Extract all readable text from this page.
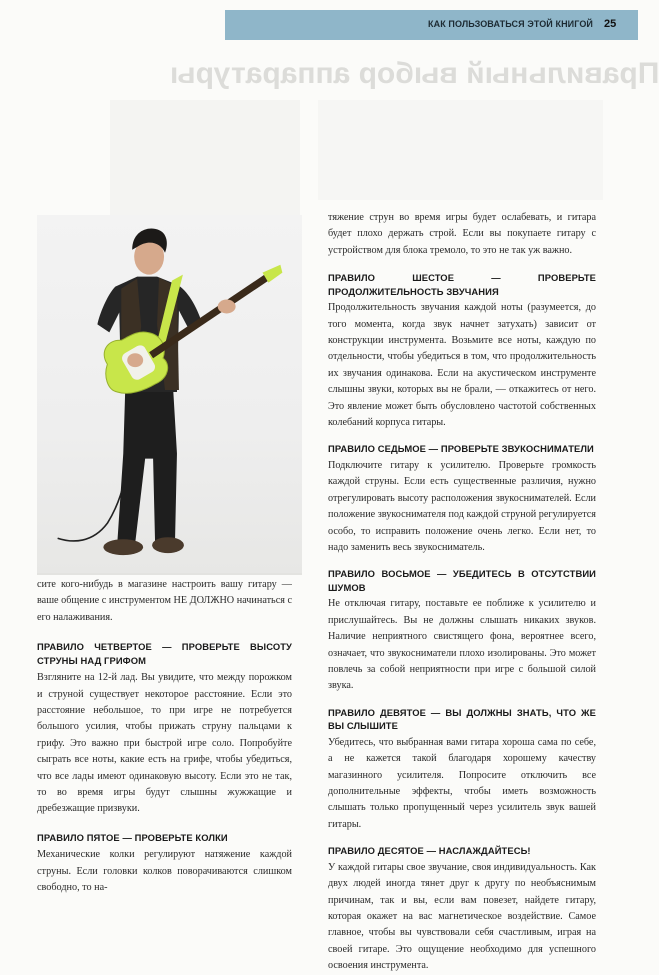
КАК ПОЛЬЗОВАТЬСЯ ЭТОЙ КНИГОЙ 25
Правильный выбор аппаратуры
сите кого-нибудь в магазине настроить вашу гитару — ваше общение с инструментом НЕ ДОЛЖНО начинаться с его налаживания.
ПРАВИЛО ЧЕТВЕРТОЕ — ПРОВЕРЬТЕ ВЫСОТУ СТРУНЫ НАД ГРИФОМ
Взгляните на 12-й лад. Вы увидите, что между порожком и струной существует некоторое расстояние. Если это расстояние небольшое, то при игре не потребуется большого усилия, чтобы прижать струну пальцами к грифу. Это важно при быстрой игре соло. Попробуйте сыграть все ноты, какие есть на грифе, чтобы убедиться, что все лады имеют одинаковую высоту. Если это не так, то во время игры будут слышны жужжащие и дребезжащие призвуки.
ПРАВИЛО ПЯТОЕ — ПРОВЕРЬТЕ КОЛКИ
Механические колки регулируют натяжение каждой струны. Если головки колков поворачиваются слишком свободно, то на-
тяжение струн во время игры будет ослабевать, и гитара будет плохо держать строй. Если вы покупаете гитару с устройством для блока тремоло, то это не так уж важно.
ПРАВИЛО ШЕСТОЕ — ПРОВЕРЬТЕ ПРОДОЛЖИТЕЛЬНОСТЬ ЗВУЧАНИЯ
Продолжительность звучания каждой ноты (разумеется, до того момента, когда звук начнет затухать) зависит от конструкции инструмента. Возьмите все ноты, каждую по отдельности, чтобы убедиться в том, что продолжительность их звучания одинакова. Если на акустическом инструменте слышны звуки, которых вы не брали, — откажитесь от него. Это явление может быть обусловлено частотой собственных колебаний корпуса гитары.
ПРАВИЛО СЕДЬМОЕ — ПРОВЕРЬТЕ ЗВУКОСНИМАТЕЛИ
Подключите гитару к усилителю. Проверьте громкость каждой струны. Если есть существенные различия, нужно отрегулировать высоту расположения звукоснимателей. Если положение звукоснимателя под каждой струной регулируется особо, то исправить положение очень легко. Если нет, то надо заменить весь звукосниматель.
ПРАВИЛО ВОСЬМОЕ — УБЕДИТЕСЬ В ОТСУТСТВИИ ШУМОВ
Не отключая гитару, поставьте ее поближе к усилителю и прислушайтесь. Вы не должны слышать никаких звуков. Наличие неприятного свистящего фона, вероятнее всего, означает, что звукосниматели плохо изолированы. Это может повлечь за собой неприятности при игре с большой силой звука.
ПРАВИЛО ДЕВЯТОЕ — ВЫ ДОЛЖНЫ ЗНАТЬ, ЧТО ЖЕ ВЫ СЛЫШИТЕ
Убедитесь, что выбранная вами гитара хороша сама по себе, а не кажется такой благодаря хорошему качеству магазинного усилителя. Попросите отключить все дополнительные эффекты, чтобы иметь возможность слышать только пропущенный через усилитель звук вашей гитары.
ПРАВИЛО ДЕСЯТОЕ — НАСЛАЖДАЙТЕСЬ!
У каждой гитары свое звучание, своя индивидуальность. Как двух людей иногда тянет друг к другу по необъяснимым причинам, так и вы, если вам повезет, найдете гитару, которая окажет на вас магнетическое воздействие. Самое главное, чтобы вы чувствовали себя счастливым, играя на своей гитаре. Это ощущение необходимо для успешного освоения инструмента.
